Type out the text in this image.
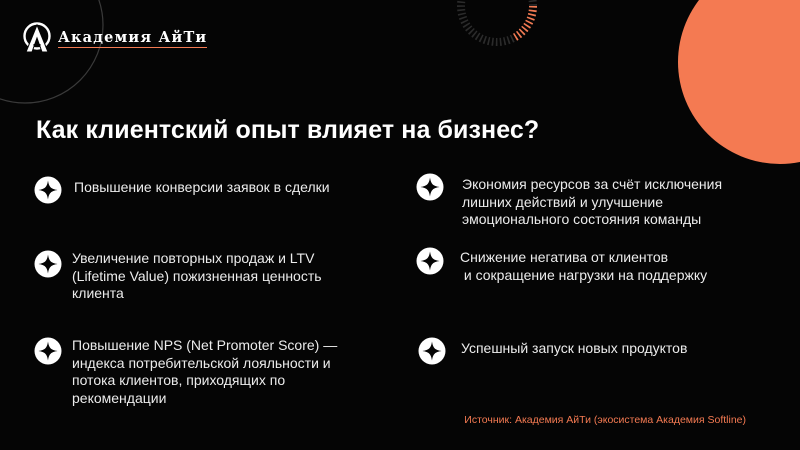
Академия АйТи
Как клиентский опыт влияет на бизнес?
Повышение конверсии заявок в сделки
Увеличение повторных продаж и LTV
(Lifetime Value) пожизненная ценность
клиента
Повышение NPS (Net Promoter Score) —
индекса потребительской лояльности и
потока клиентов, приходящих по
рекомендации
Экономия ресурсов за счёт исключения
лишних действий и улучшение
эмоционального состояния команды
Снижение негатива от клиентов
и сокращение нагрузки на поддержку
Успешный запуск новых продуктов
Источник: Академия АйТи (экосистема Академия Softline)
